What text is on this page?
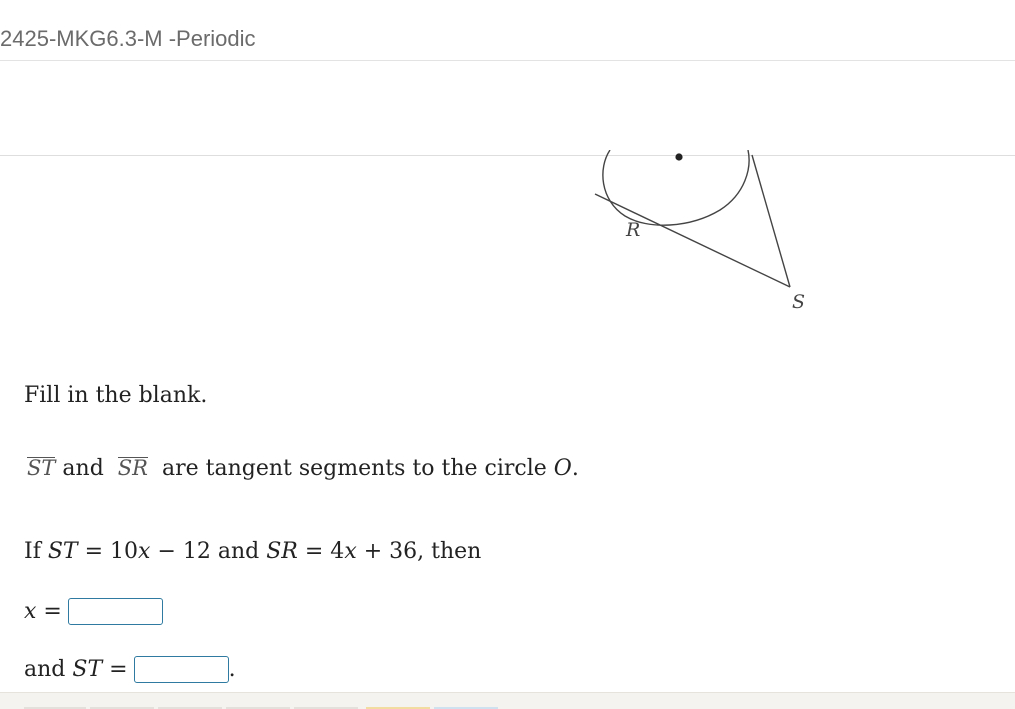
2425-MKG6.3-M -Periodic
R
S
Fill in the blank.
ST and SR are tangent segments to the circle O.
If ST = 10x − 12 and SR = 4x + 36, then
x
=
and
ST
=	.
